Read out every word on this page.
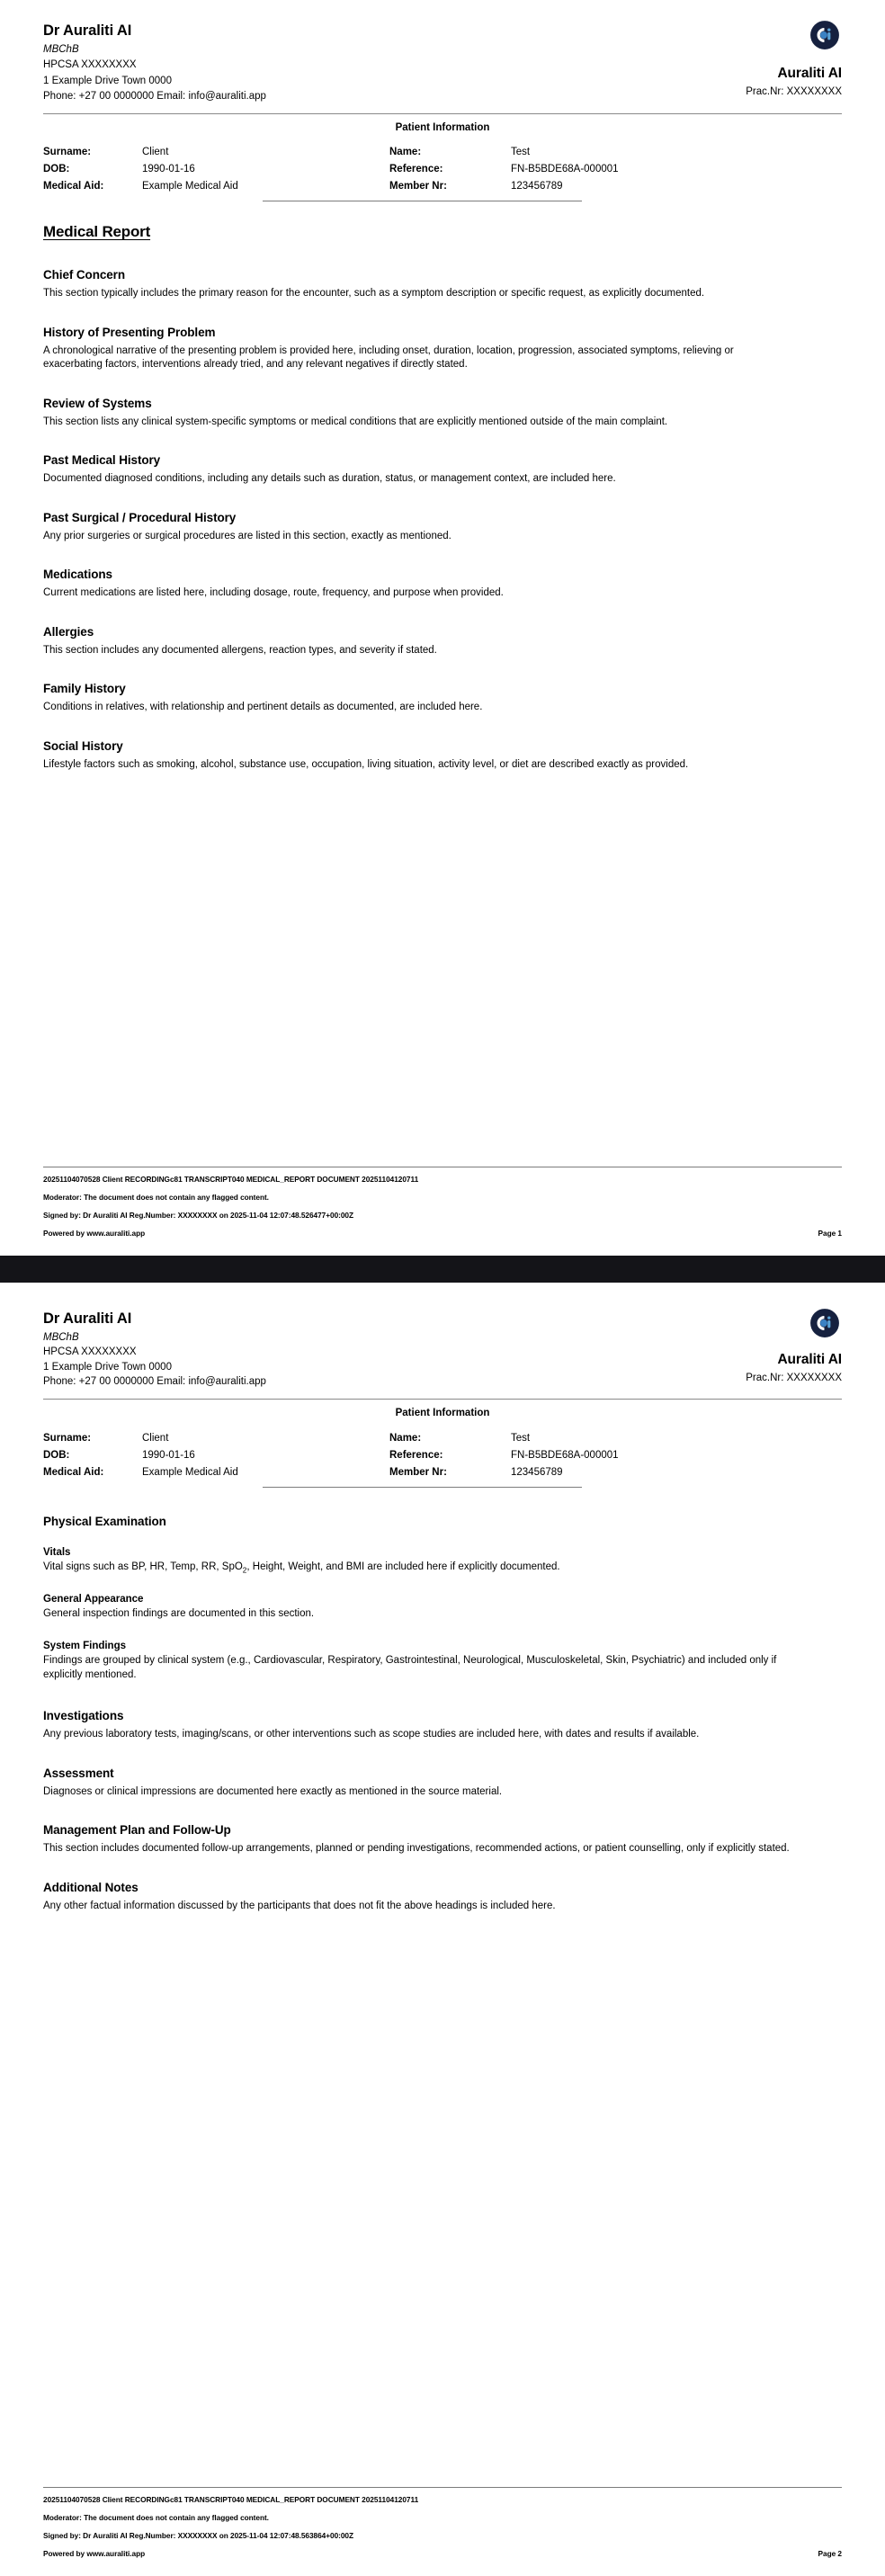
Dr Auraliti AI
MBChB
HPCSA XXXXXXXX
1 Example Drive Town 0000
Phone: +27 00 0000000 Email: info@auraliti.app
Auraliti AI
Prac.Nr: XXXXXXXX
Patient Information
Surname:	Client	Name:	Test
DOB:	1990-01-16	Reference:	FN-B5BDE68A-000001
Medical Aid:	Example Medical Aid	Member Nr:	123456789
Medical Report
Chief Concern

This section typically includes the primary reason for the encounter, such as a symptom description or specific request, as explicitly documented.

History of Presenting Problem

A chronological narrative of the presenting problem is provided here, including onset, duration, location, progression, associated symptoms, relieving or exacerbating factors, interventions already tried, and any relevant negatives if directly stated.

Review of Systems

This section lists any clinical system-specific symptoms or medical conditions that are explicitly mentioned outside of the main complaint.

Past Medical History

Documented diagnosed conditions, including any details such as duration, status, or management context, are included here.

Past Surgical / Procedural History

Any prior surgeries or surgical procedures are listed in this section, exactly as mentioned.

Medications

Current medications are listed here, including dosage, route, frequency, and purpose when provided.

Allergies

This section includes any documented allergens, reaction types, and severity if stated.

Family History

Conditions in relatives, with relationship and pertinent details as documented, are included here.

Social History

Lifestyle factors such as smoking, alcohol, substance use, occupation, living situation, activity level, or diet are described exactly as provided.

20251104070528 Client RECORDINGc81 TRANSCRIPT040 MEDICAL_REPORT DOCUMENT 20251104120711
Moderator: The document does not contain any flagged content.
Signed by: Dr Auraliti AI Reg.Number: XXXXXXXX on 2025-11-04 12:07:48.526477+00:00Z
Powered by www.auraliti.app	Page 1
Dr Auraliti AI
MBChB
HPCSA XXXXXXXX
1 Example Drive Town 0000
Phone: +27 00 0000000 Email: info@auraliti.app
Auraliti AI
Prac.Nr: XXXXXXXX
Patient Information
Surname:	Client	Name:	Test
DOB:	1990-01-16	Reference:	FN-B5BDE68A-000001
Medical Aid:	Example Medical Aid	Member Nr:	123456789
Physical Examination
Vitals

Vital signs such as BP, HR, Temp, RR, SpO$_2$, Height, Weight, and BMI are included here if explicitly documented.

General Appearance

General inspection findings are documented in this section.

System Findings

Findings are grouped by clinical system (e.g., Cardiovascular, Respiratory, Gastrointestinal, Neurological, Musculoskeletal, Skin, Psychiatric) and included only if explicitly mentioned.

Investigations

Any previous laboratory tests, imaging/scans, or other interventions such as scope studies are included here, with dates and results if available.

Assessment

Diagnoses or clinical impressions are documented here exactly as mentioned in the source material.

Management Plan and Follow-Up

This section includes documented follow-up arrangements, planned or pending investigations, recommended actions, or patient counselling, only if explicitly stated.

Additional Notes

Any other factual information discussed by the participants that does not fit the above headings is included here.

20251104070528 Client RECORDINGc81 TRANSCRIPT040 MEDICAL_REPORT DOCUMENT 20251104120711
Moderator: The document does not contain any flagged content.
Signed by: Dr Auraliti AI Reg.Number: XXXXXXXX on 2025-11-04 12:07:48.563864+00:00Z
Powered by www.auraliti.app	Page 2
